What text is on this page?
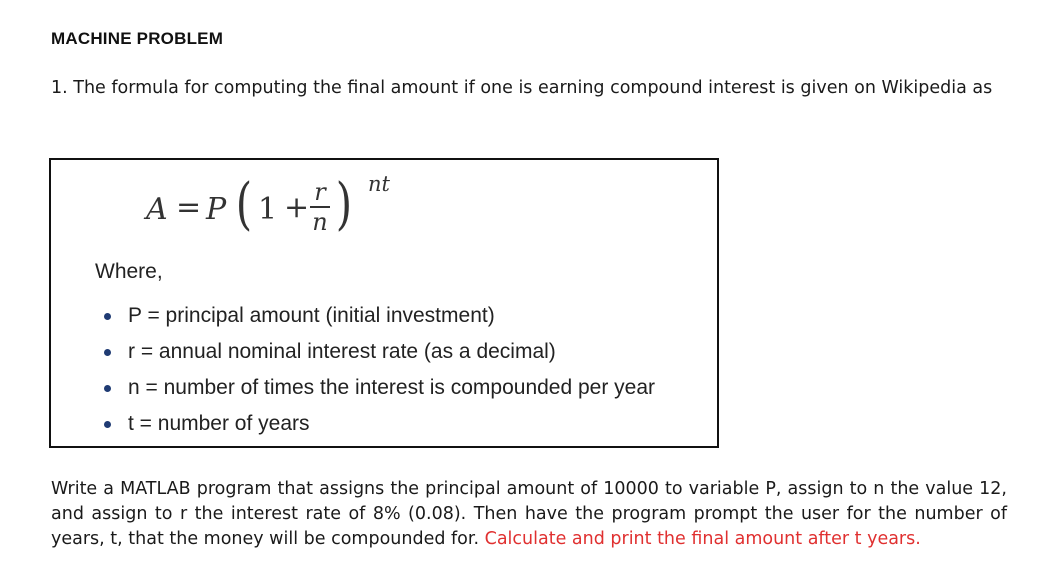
MACHINE PROBLEM
1. The formula for computing the final amount if one is earning compound interest is given on Wikipedia as
A = P ( 1 + r
n ) nt
Where,
P = principal amount (initial investment)
r = annual nominal interest rate (as a decimal)
n = number of times the interest is compounded per year
t = number of years
Write a MATLAB program that assigns the principal amount of 10000 to variable P, assign to n the value 12, and assign to r the interest rate of 8% (0.08). Then have the program prompt the user for the number of years, t, that the money will be compounded for. Calculate and print the final amount after t years.
